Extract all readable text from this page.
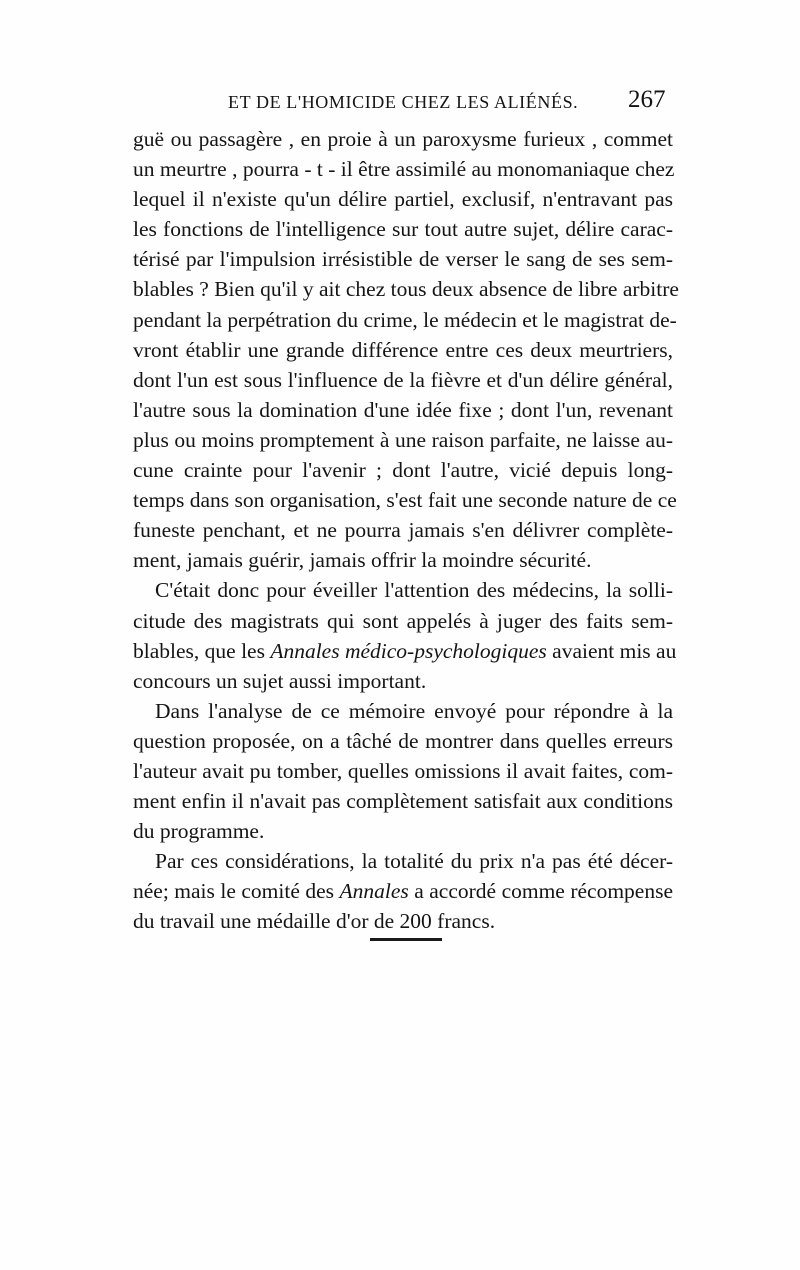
ET DE L'HOMICIDE CHEZ LES ALIÉNÉS. 267
guë ou passagère , en proie à un paroxysme furieux , commet
un meurtre , pourra - t - il être assimilé au monomaniaque chez
lequel il n'existe qu'un délire partiel, exclusif, n'entravant pas
les fonctions de l'intelligence sur tout autre sujet, délire carac-
térisé par l'impulsion irrésistible de verser le sang de ses sem-
blables ? Bien qu'il y ait chez tous deux absence de libre arbitre
pendant la perpétration du crime, le médecin et le magistrat de-
vront établir une grande différence entre ces deux meurtriers,
dont l'un est sous l'influence de la fièvre et d'un délire général,
l'autre sous la domination d'une idée fixe ; dont l'un, revenant
plus ou moins promptement à une raison parfaite, ne laisse au-
cune crainte pour l'avenir ; dont l'autre, vicié depuis long-
temps dans son organisation, s'est fait une seconde nature de ce
funeste penchant, et ne pourra jamais s'en délivrer complète-
ment, jamais guérir, jamais offrir la moindre sécurité.
C'était donc pour éveiller l'attention des médecins, la solli-
citude des magistrats qui sont appelés à juger des faits sem-
blables, que les Annales médico-psychologiques avaient mis au
concours un sujet aussi important.
Dans l'analyse de ce mémoire envoyé pour répondre à la
question proposée, on a tâché de montrer dans quelles erreurs
l'auteur avait pu tomber, quelles omissions il avait faites, com-
ment enfin il n'avait pas complètement satisfait aux conditions
du programme.
Par ces considérations, la totalité du prix n'a pas été décer-
née; mais le comité des Annales a accordé comme récompense
du travail une médaille d'or de 200 francs.
